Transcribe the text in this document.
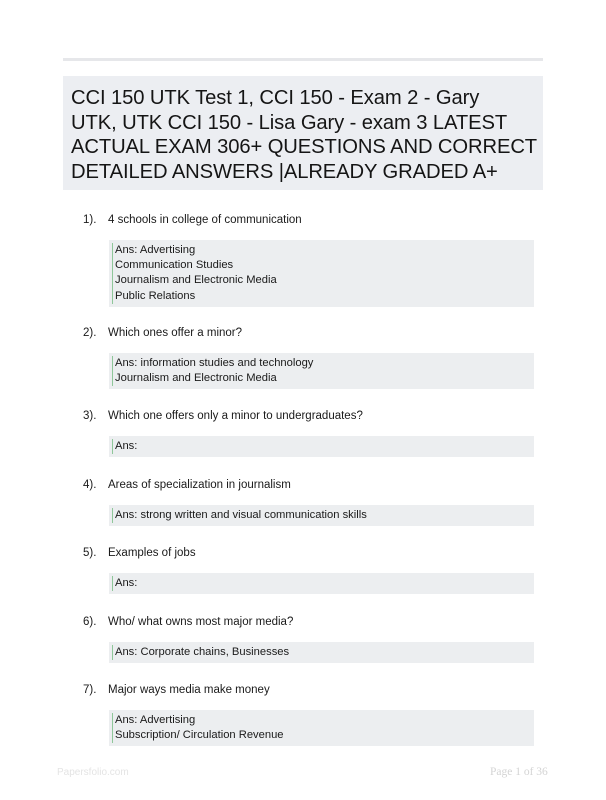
CCI 150 UTK Test 1, CCI 150 - Exam 2 - Gary
UTK, UTK CCI 150 - Lisa Gary - exam 3 LATEST
ACTUAL EXAM 306+ QUESTIONS AND CORRECT
DETAILED ANSWERS |ALREADY GRADED A+

1). 4 schools in college of communication
Ans: Advertising
Communication Studies
Journalism and Electronic Media
Public Relations
2). Which ones offer a minor?
Ans: information studies and technology
Journalism and Electronic Media
3). Which one offers only a minor to undergraduates?
Ans:
4). Areas of specialization in journalism
Ans: strong written and visual communication skills
5). Examples of jobs
Ans:
6). Who/ what owns most major media?
Ans: Corporate chains, Businesses
7). Major ways media make money
Ans: Advertising
Subscription/ Circulation Revenue
Papersfolio.com	Page 1 of 36
